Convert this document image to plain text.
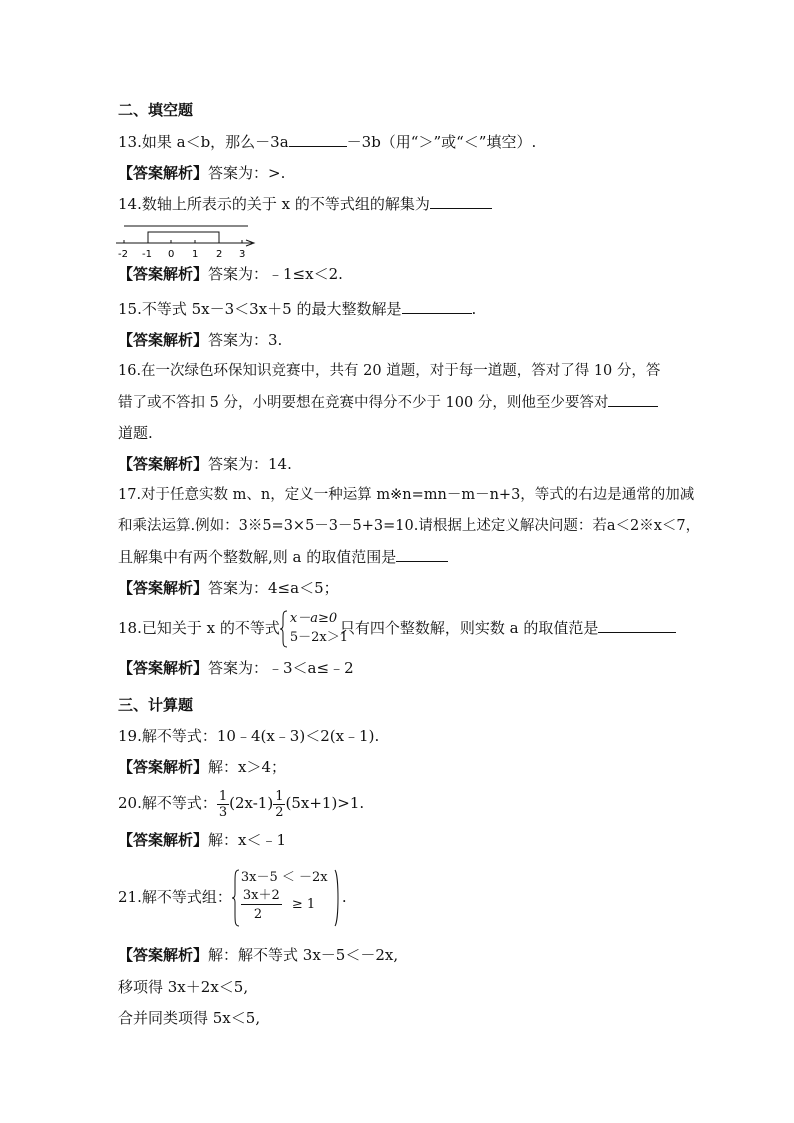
二、填空题
13.如果 a＜b，那么－3a	－3b（用“＞”或“＜”填空）.
【答案解析】答案为：>.
14.数轴上所表示的关于 x 的不等式组的解集为
-2 -1 0 1 2 3
【答案解析】答案为：﹣1≤x＜2.
15.不等式 5x－3＜3x＋5 的最大整数解是	.
【答案解析】答案为：3.
16.在一次绿色环保知识竞赛中，共有 20 道题，对于每一道题，答对了得 10 分，答
错了或不答扣 5 分，小明要想在竞赛中得分不少于 100 分，则他至少要答对
道题.
【答案解析】答案为：14.
17.对于任意实数 m、n，定义一种运算 m※n=mn－m－n+3，等式的右边是通常的加减
和乘法运算.例如：3※5=3×5－3－5+3=10.请根据上述定义解决问题：若a＜2※x＜7，
且解集中有两个整数解,则 a 的取值范围是
【答案解析】答案为：4≤a＜5；
18.已知关于 x 的不等式
x－a≥0
5－2x＞1
只有四个整数解，则实数 a 的取值范是
【答案解析】答案为：﹣3＜a≤﹣2
三、计算题
19.解不等式：10﹣4(x﹣3)＜2(x﹣1).
【答案解析】解：x＞4；
20.解不等式： $\frac{1}{3} (2x-1) \frac{1}{2} (5x+1)>1$.
【答案解析】解：x＜﹣1
21.解不等式组：
3x－5 ＜ －2x
3x＋2
2
≥ 1 .
【答案解析】解：解不等式 3x－5＜－2x,
移项得 3x＋2x＜5,
合并同类项得 5x＜5,
